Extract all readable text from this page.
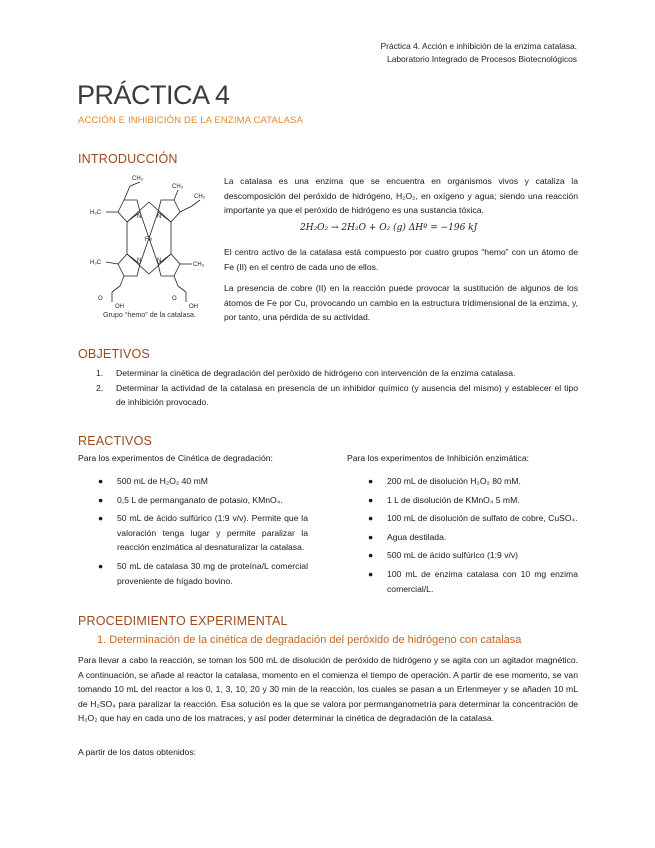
Práctica 4. Acción e inhibición de la enzima catalasa.
Laboratorio Integrado de Procesos Biotecnológicos
PRÁCTICA 4
ACCIÓN E INHIBICIÓN DE LA ENZIMA CATALASA
INTRODUCCIÓN
CH₃
CH₃
CH₂
H₃C
H₃C	CH₃
Fe
N	N
N	N
O
OH
O
OH
Grupo “hemo” de la catalasa.
La catalasa es una enzima que se encuentra en organismos vivos y cataliza la descomposición del peróxido de hidrógeno, H₂O₂, en oxígeno y agua; siendo una reacción importante ya que el peróxido de hidrógeno es una sustancia tóxica.
2H₂O₂ → 2H₂O + O₂ (g) ΔHº = −196 kJ
El centro activo de la catalasa está compuesto por cuatro grupos “hemo” con un átomo de Fe (II) en el centro de cada uno de ellos.
La presencia de cobre (II) en la reacción puede provocar la sustitución de algunos de los átomos de Fe por Cu, provocando un cambio en la estructura tridimensional de la enzima, y, por tanto, una pérdida de su actividad.
OBJETIVOS
1. Determinar la cinética de degradación del peróxido de hidrógeno con intervención de la enzima catalasa.
2. Determinar la actividad de la catalasa en presencia de un inhibidor químico (y ausencia del mismo) y establecer el tipo de inhibición provocado.
REACTIVOS
Para los experimentos de Cinética de degradación:	Para los experimentos de Inhibición enzimática:
● 500 mL de H₂O₂ 40 mM
● 0,5 L de permanganato de potasio, KMnO₄.
● 50 mL de ácido sulfúrico (1:9 v/v). Permite que la valoración tenga lugar y permite paralizar la reacción enzimática al desnaturalizar la catalasa.
● 50 mL de catalasa 30 mg de proteína/L comercial proveniente de hígado bovino.
● 200 mL de disolución H₂O₂ 80 mM.
● 1 L de disolución de KMnO₄ 5 mM.
● 100 mL de disolución de sulfato de cobre, CuSO₄.
● Agua destilada.
● 500 mL de ácido sulfúrico (1:9 v/v)
● 100 mL de enzima catalasa con 10 mg enzima comercial/L.
PROCEDIMIENTO EXPERIMENTAL
1. Determinación de la cinética de degradación del peróxido de hidrógeno con catalasa
Para llevar a cabo la reacción, se toman los 500 mL de disolución de peróxido de hidrógeno y se agita con un agitador magnético. A continuación, se añade al reactor la catalasa, momento en el comienza el tiempo de operación. A partir de ese momento, se van tomando 10 mL del reactor a los 0, 1, 3, 10, 20 y 30 min de la reacción, los cuales se pasan a un Erlenmeyer y se añaden 10 mL de H₂SO₄ para paralizar la reacción. Esa solución es la que se valora por permanganometría para determinar la concentración de H₂O₂ que hay en cada uno de los matraces, y así poder determinar la cinética de degradación de la catalasa.
A partir de los datos obtenidos:
